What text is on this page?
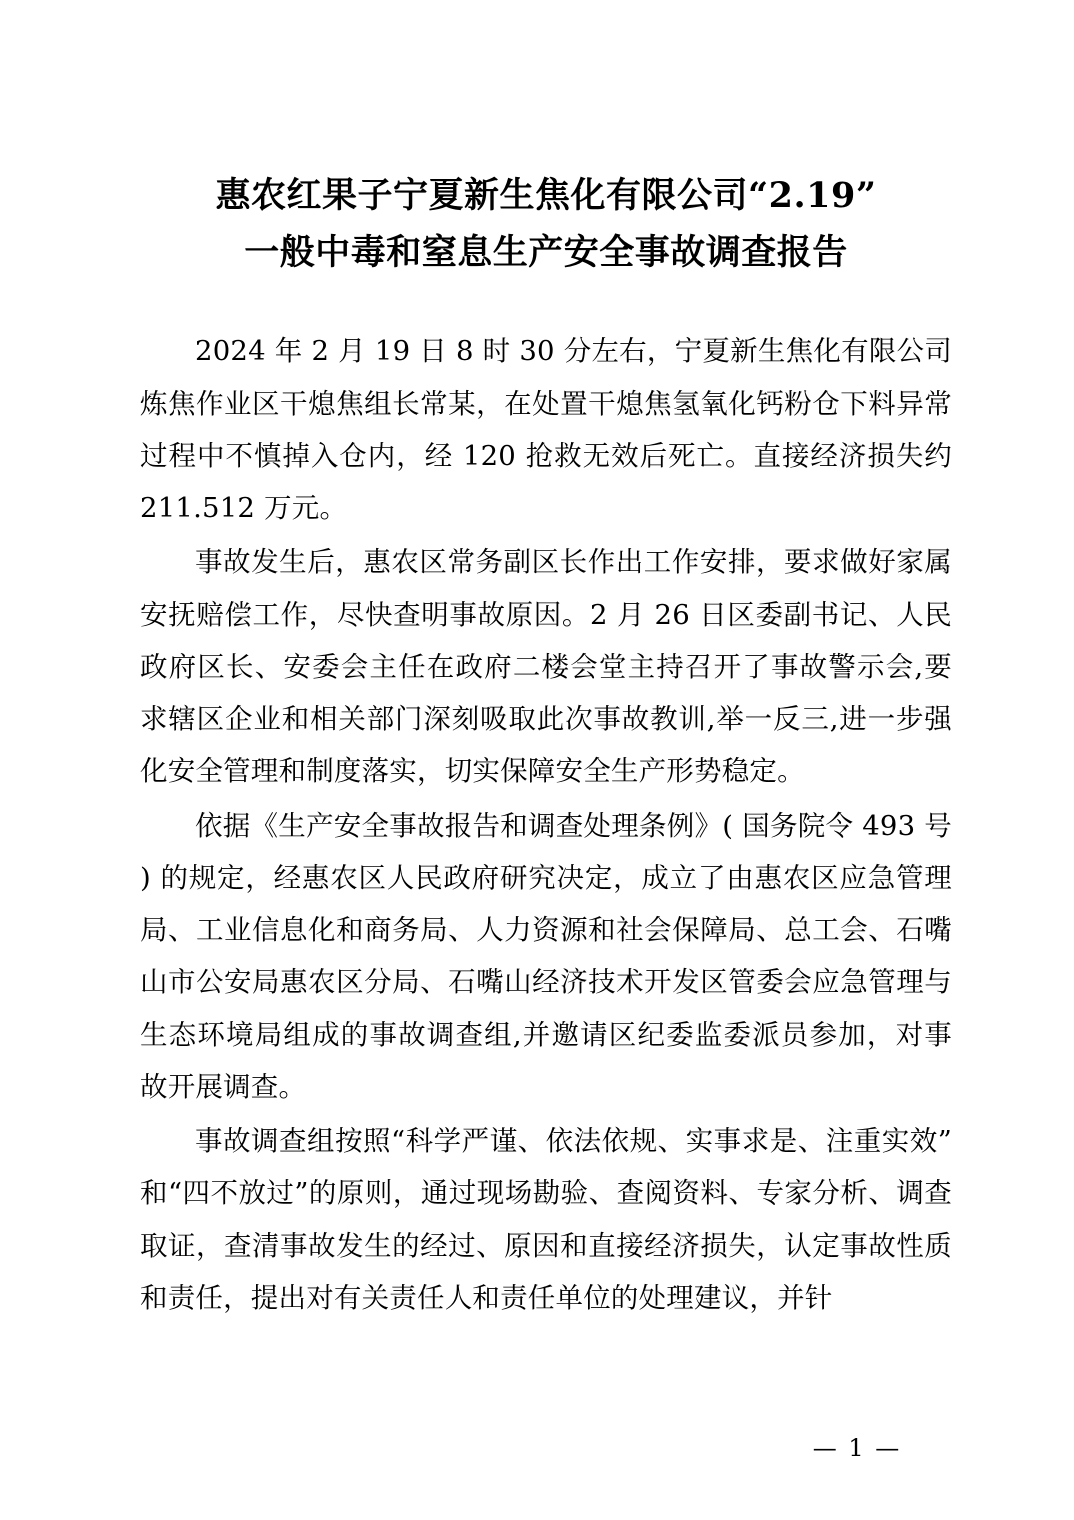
惠农红果子宁夏新生焦化有限公司“2.19”
一般中毒和窒息生产安全事故调查报告

2024 年 2 月 19 日 8 时 30 分左右，宁夏新生焦化有限公司炼焦作业区干熄焦组长常某，在处置干熄焦氢氧化钙粉仓下料异常过程中不慎掉入仓内，经 120 抢救无效后死亡。直接经济损失约 211.512 万元。

事故发生后，惠农区常务副区长作出工作安排，要求做好家属安抚赔偿工作，尽快查明事故原因。2 月 26 日区委副书记、人民政府区长、安委会主任在政府二楼会堂主持召开了事故警示会,要求辖区企业和相关部门深刻吸取此次事故教训,举一反三,进一步强化安全管理和制度落实，切实保障安全生产形势稳定。

依据《生产安全事故报告和调查处理条例》( 国务院令 493 号 ) 的规定，经惠农区人民政府研究决定，成立了由惠农区应急管理局、工业信息化和商务局、人力资源和社会保障局、总工会、石嘴山市公安局惠农区分局、石嘴山经济技术开发区管委会应急管理与生态环境局组成的事故调查组,并邀请区纪委监委派员参加，对事故开展调查。

事故调查组按照“科学严谨、依法依规、实事求是、注重实效”和“四不放过”的原则，通过现场勘验、查阅资料、专家分析、调查取证，查清事故发生的经过、原因和直接经济损失，认定事故性质和责任，提出对有关责任人和责任单位的处理建议，并针

— 1 —
